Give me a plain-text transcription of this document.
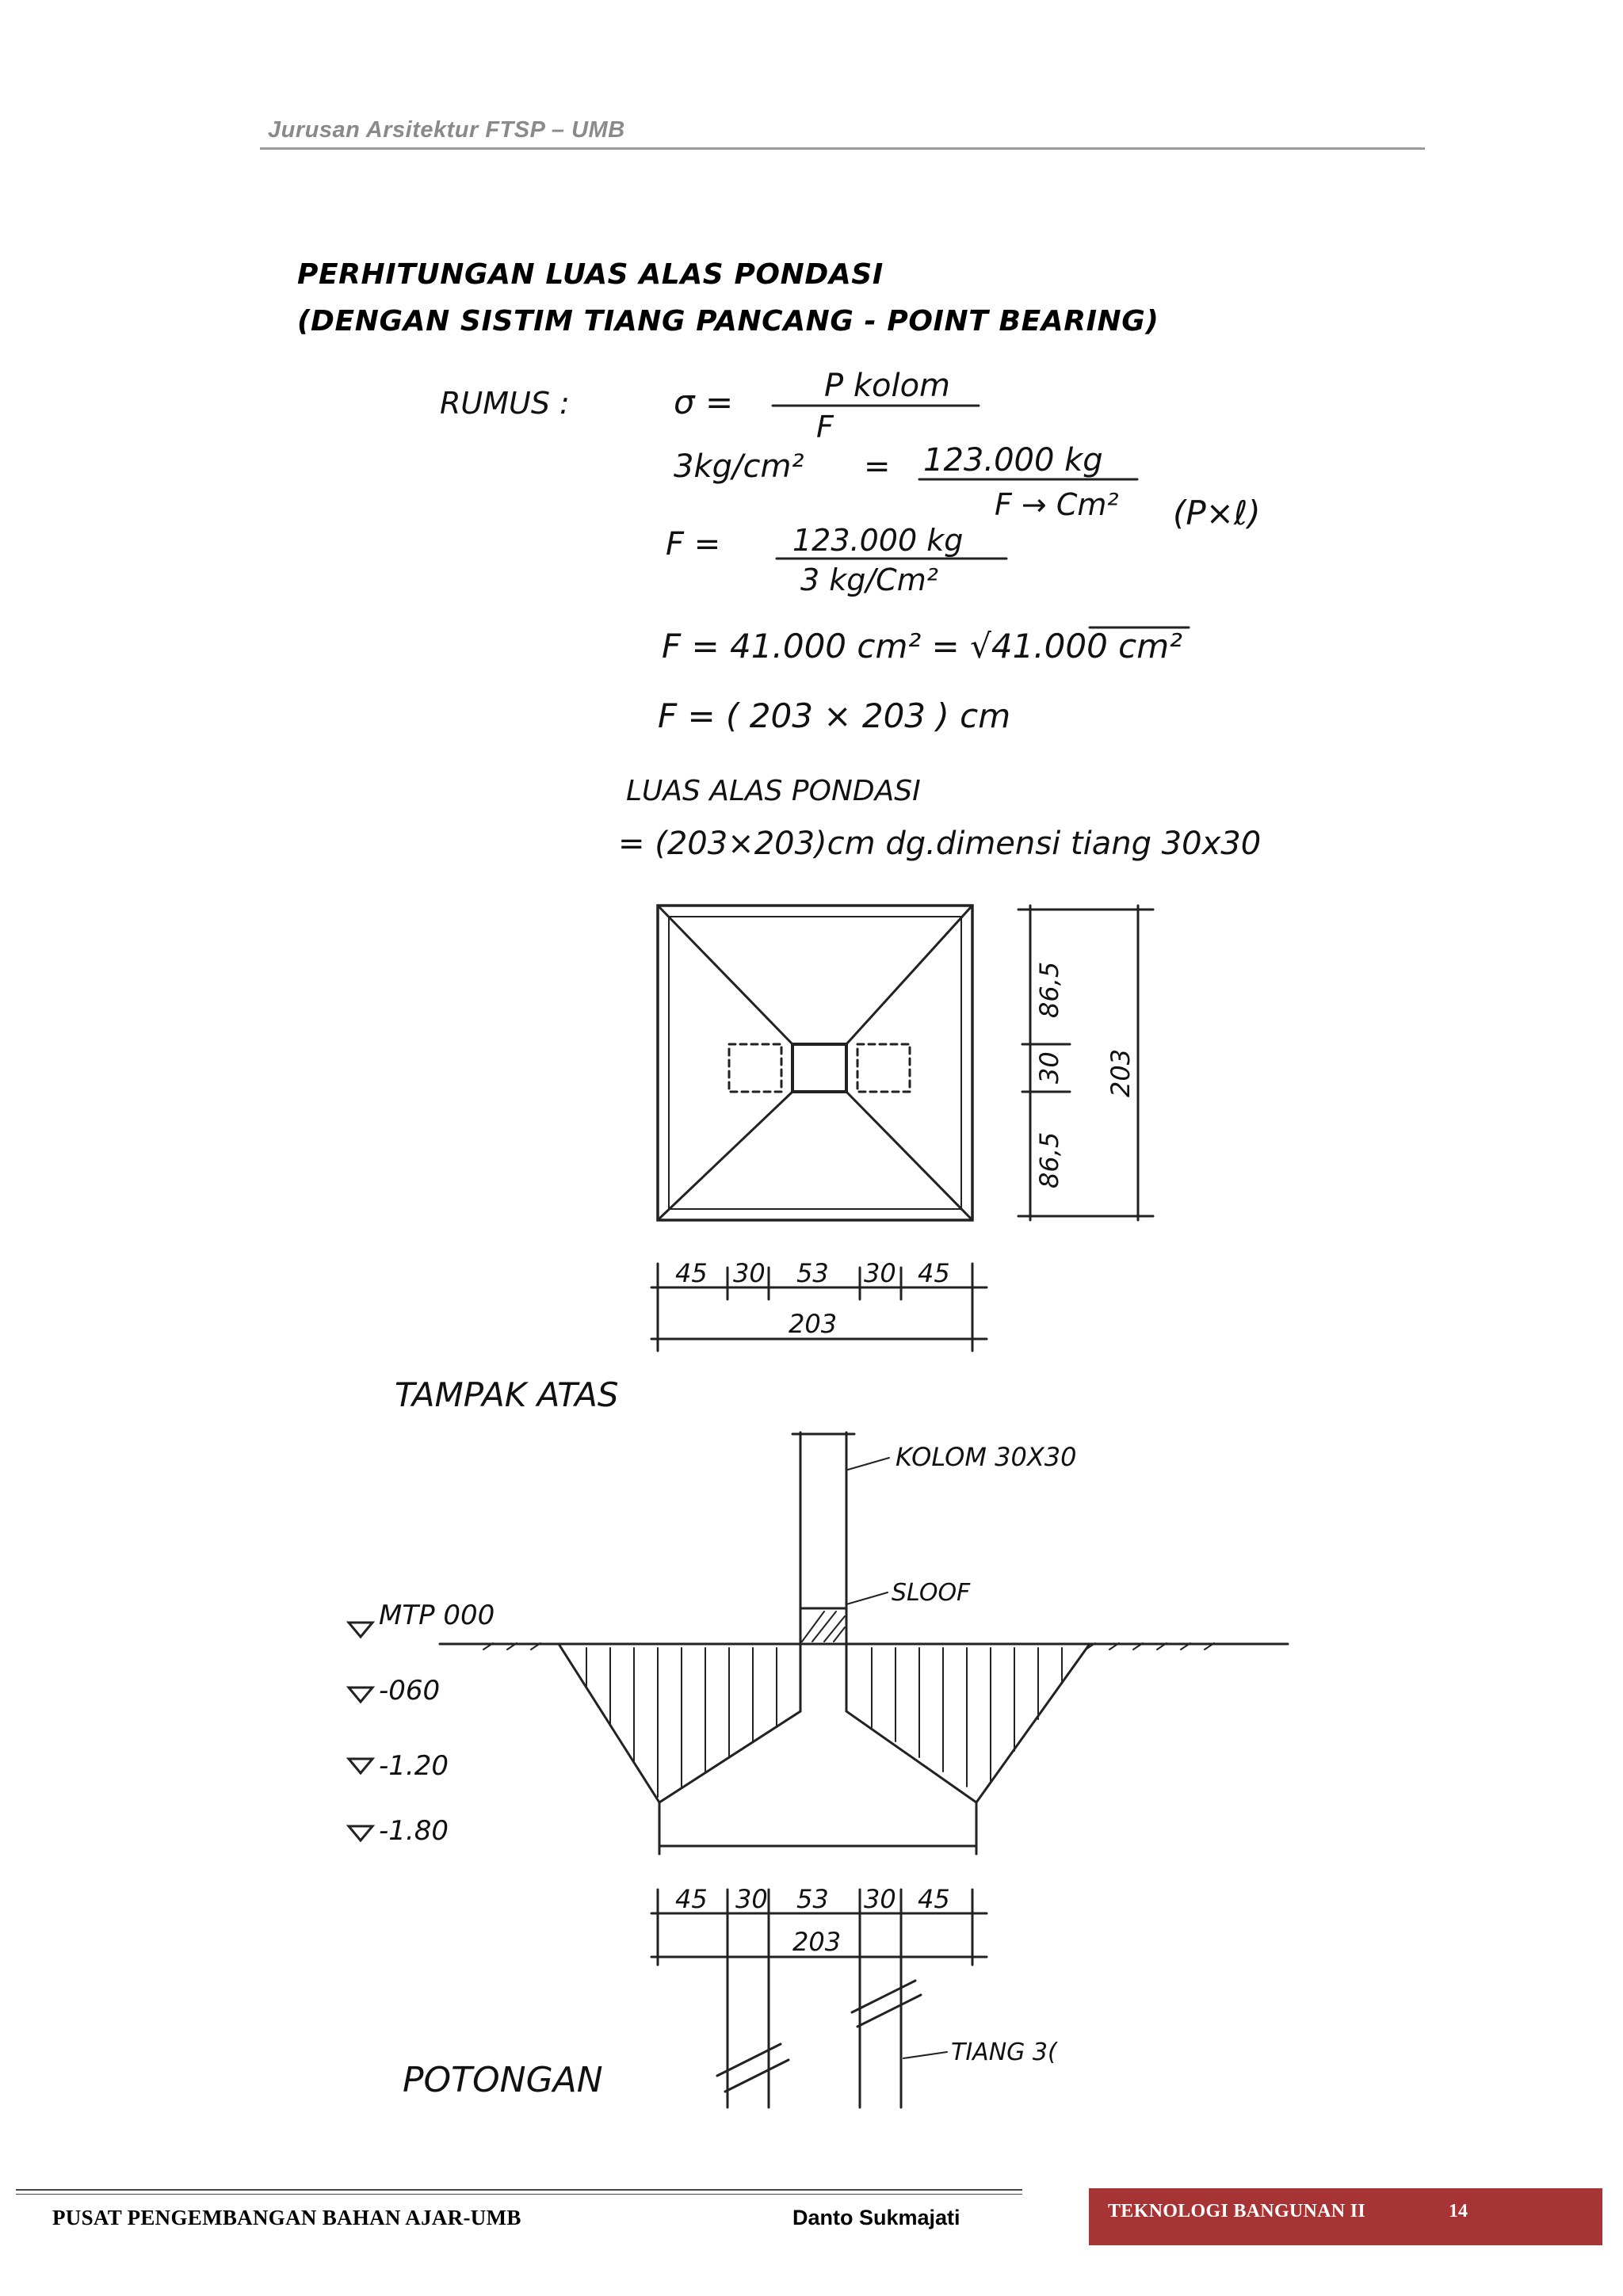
Jurusan Arsitektur FTSP – UMB
PERHITUNGAN LUAS ALAS PONDASI
(DENGAN SISTIM TIANG PANCANG - POINT BEARING)
RUMUS :	σ =	P kolom
F
3kg/cm² = 123.000 kg
F → Cm² (P×ℓ)
F = 123.000 kg
3 kg/Cm²
F = 41.000 cm² = √41.000 cm²
F = ( 203 × 203 ) cm
LUAS ALAS PONDASI
= (203×203)cm dg.dimensi tiang 30x30
45 30 53 30 45
203
86,5
30
86,5
203
TAMPAK ATAS
KOLOM 30X30
SLOOF
MTP 000
-060
-1.20
-1.80
45 30 53 30 45
203
TIANG 3(
POTONGAN
PUSAT PENGEMBANGAN BAHAN AJAR-UMB	Danto Sukmajati	TEKNOLOGI BANGUNAN II	14
